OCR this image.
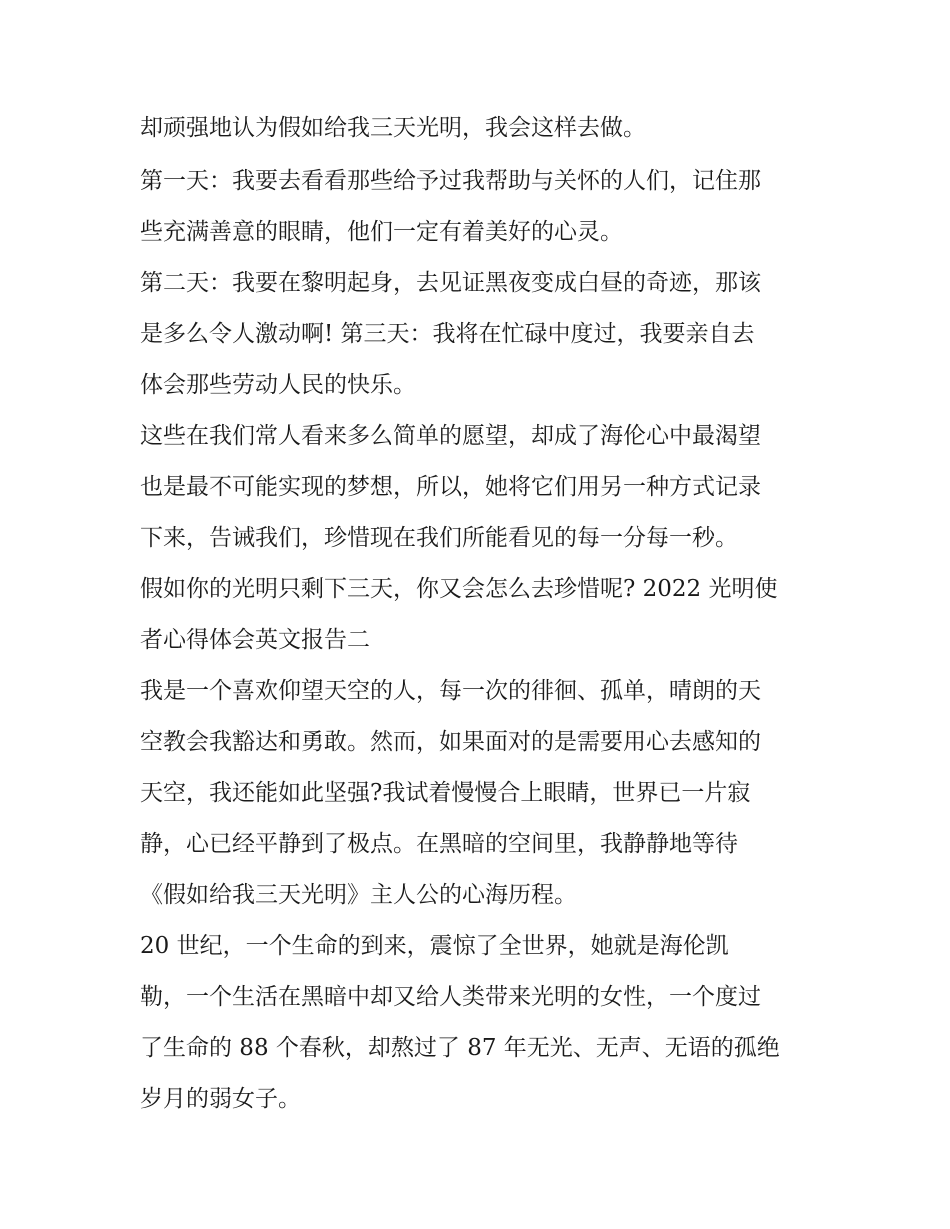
却顽强地认为假如给我三天光明，我会这样去做。
第一天：我要去看看那些给予过我帮助与关怀的人们，记住那
些充满善意的眼睛，他们一定有着美好的心灵。
第二天：我要在黎明起身，去见证黑夜变成白昼的奇迹，那该
是多么令人激动啊! 第三天：我将在忙碌中度过，我要亲自去
体会那些劳动人民的快乐。
这些在我们常人看来多么简单的愿望，却成了海伦心中最渴望
也是最不可能实现的梦想，所以，她将它们用另一种方式记录
下来，告诫我们，珍惜现在我们所能看见的每一分每一秒。
假如你的光明只剩下三天，你又会怎么去珍惜呢? 2022 光明使
者心得体会英文报告二
我是一个喜欢仰望天空的人，每一次的徘徊、孤单，晴朗的天
空教会我豁达和勇敢。然而，如果面对的是需要用心去感知的
天空，我还能如此坚强?我试着慢慢合上眼睛，世界已一片寂
静，心已经平静到了极点。在黑暗的空间里，我静静地等待
《假如给我三天光明》主人公的心海历程。
20 世纪，一个生命的到来，震惊了全世界，她就是海伦凯
勒，一个生活在黑暗中却又给人类带来光明的女性，一个度过
了生命的 88 个春秋，却熬过了 87 年无光、无声、无语的孤绝
岁月的弱女子。
